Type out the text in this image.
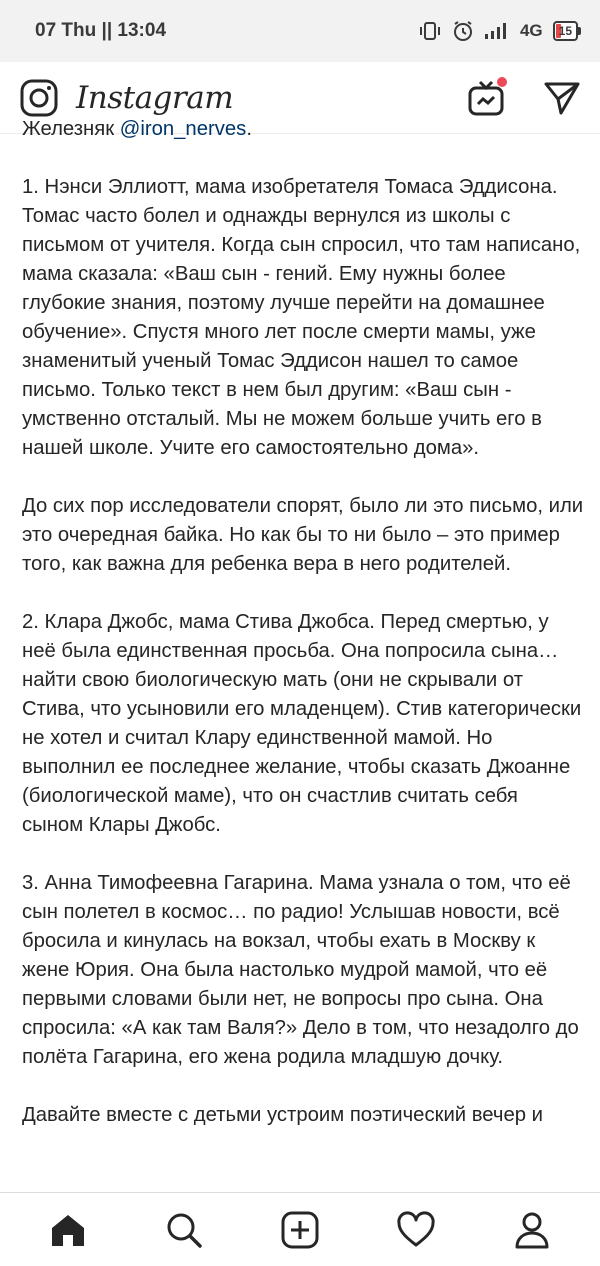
07 Thu || 13:04	4G 15
Instagram

Железняк @iron_nerves.

1. Нэнси Эллиотт, мама изобретателя Томаса Эддисона. Томас часто болел и однажды вернулся из школы с письмом от учителя. Когда сын спросил, что там написано, мама сказала: «Ваш сын - гений. Ему нужны более глубокие знания, поэтому лучше перейти на домашнее обучение». Спустя много лет после смерти мамы, уже знаменитый ученый Томас Эддисон нашел то самое письмо. Только текст в нем был другим: «Ваш сын - умственно отсталый. Мы не можем больше учить его в нашей школе. Учите его самостоятельно дома».

До сих пор исследователи спорят, было ли это письмо, или это очередная байка. Но как бы то ни было – это пример того, как важна для ребенка вера в него родителей.

2. Клара Джобс, мама Стива Джобса. Перед смертью, у неё была единственная просьба. Она попросила сына… найти свою биологическую мать (они не скрывали от Стива, что усыновили его младенцем). Стив категорически не хотел и считал Клару единственной мамой. Но выполнил ее последнее желание, чтобы сказать Джоанне (биологической маме), что он счастлив считать себя сыном Клары Джобс.

3. Анна Тимофеевна Гагарина. Мама узнала о том, что её сын полетел в космос… по радио! Услышав новости, всё бросила и кинулась на вокзал, чтобы ехать в Москву к жене Юрия. Она была настолько мудрой мамой, что её первыми словами были нет, не вопросы про сына. Она спросила: «А как там Валя?» Дело в том, что незадолго до полёта Гагарина, его жена родила младшую дочку.

Давайте вместе с детьми устроим поэтический вечер и
